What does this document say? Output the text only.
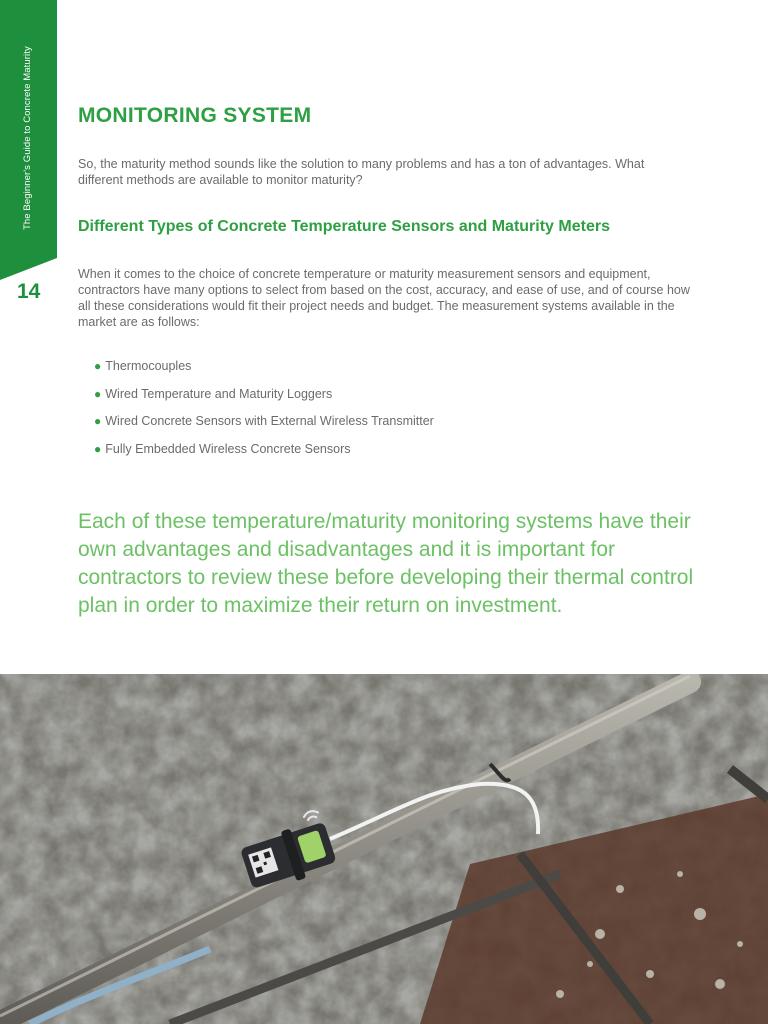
The Beginner's Guide to Concrete Maturity
14
MONITORING SYSTEM

So, the maturity method sounds like the solution to many problems and has a ton of advantages. What different methods are available to monitor maturity?

Different Types of Concrete Temperature Sensors and Maturity Meters

When it comes to the choice of concrete temperature or maturity measurement sensors and equipment, contractors have many options to select from based on the cost, accuracy, and ease of use, and of course how all these considerations would fit their project needs and budget. The measurement systems available in the market are as follows:

● Thermocouples
● Wired Temperature and Maturity Loggers
● Wired Concrete Sensors with External Wireless Transmitter
● Fully Embedded Wireless Concrete Sensors

Each of these temperature/maturity monitoring systems have their own advantages and disadvantages and it is important for contractors to review these before developing their thermal control plan in order to maximize their return on investment.
